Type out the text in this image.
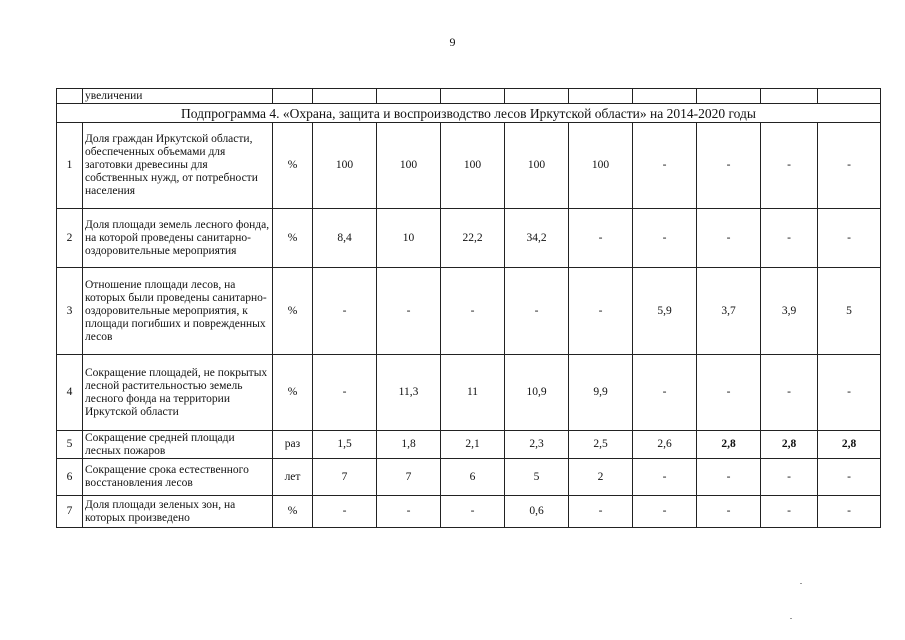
9
	увеличении										
Подпрограмма 4. «Охрана, защита и воспроизводство лесов Иркутской области» на 2014-2020 годы											
1	Доля граждан Иркутской области, обеспеченных объемами для заготовки древесины для собственных нужд, от потребности населения	%	100	100	100	100	100	-	-	-	-
2	Доля площади земель лесного фонда, на которой проведены санитарно-оздоровительные мероприятия	%	8,4	10	22,2	34,2	-	-	-	-	-
3	Отношение площади лесов, на которых были проведены санитарно-оздоровительные мероприятия, к площади погибших и поврежденных лесов	%	-	-	-	-	-	5,9	3,7	3,9	5
4	Сокращение площадей, не покрытых лесной растительностью земель лесного фонда на территории Иркутской области	%	-	11,3	11	10,9	9,9	-	-	-	-
5	Сокращение средней площади лесных пожаров	раз	1,5	1,8	2,1	2,3	2,5	2,6	2,8	2,8	2,8
6	Сокращение срока естественного восстановления лесов	лет	7	7	6	5	2	-	-	-	-
7	Доля площади зеленых зон, на которых произведено	%	-	-	-	0,6	-	-	-	-	-
